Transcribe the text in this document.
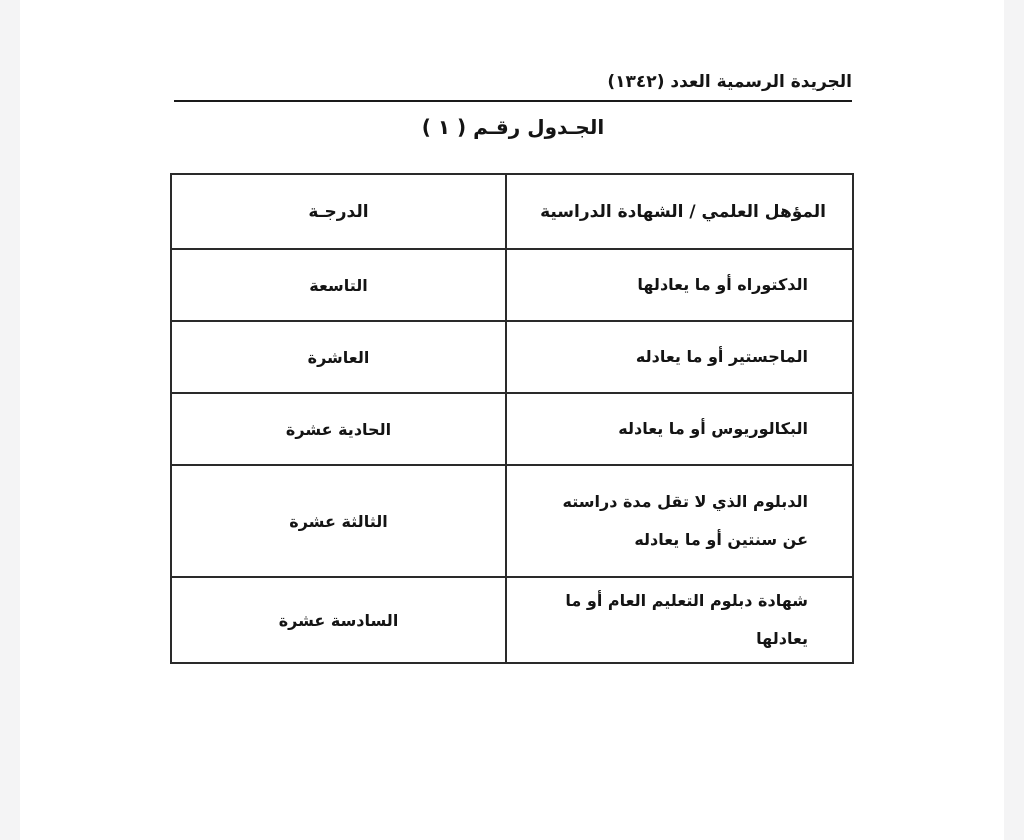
الجريدة الرسمية العدد (١٣٤٢)
الجـدول رقـم ( ١ )
المؤهل العلمي / الشهادة الدراسية	الدرجـة

الدكتوراه أو ما يعادلها	التاسعة

الماجستير أو ما يعادله	العاشرة

البكالوريوس أو ما يعادله	الحادية عشرة

الدبلوم الذي لا تقل مدة دراسته
عن سنتين أو ما يعادله	الثالثة عشرة

شهادة دبلوم التعليم العام أو ما يعادلها	السادسة عشرة
